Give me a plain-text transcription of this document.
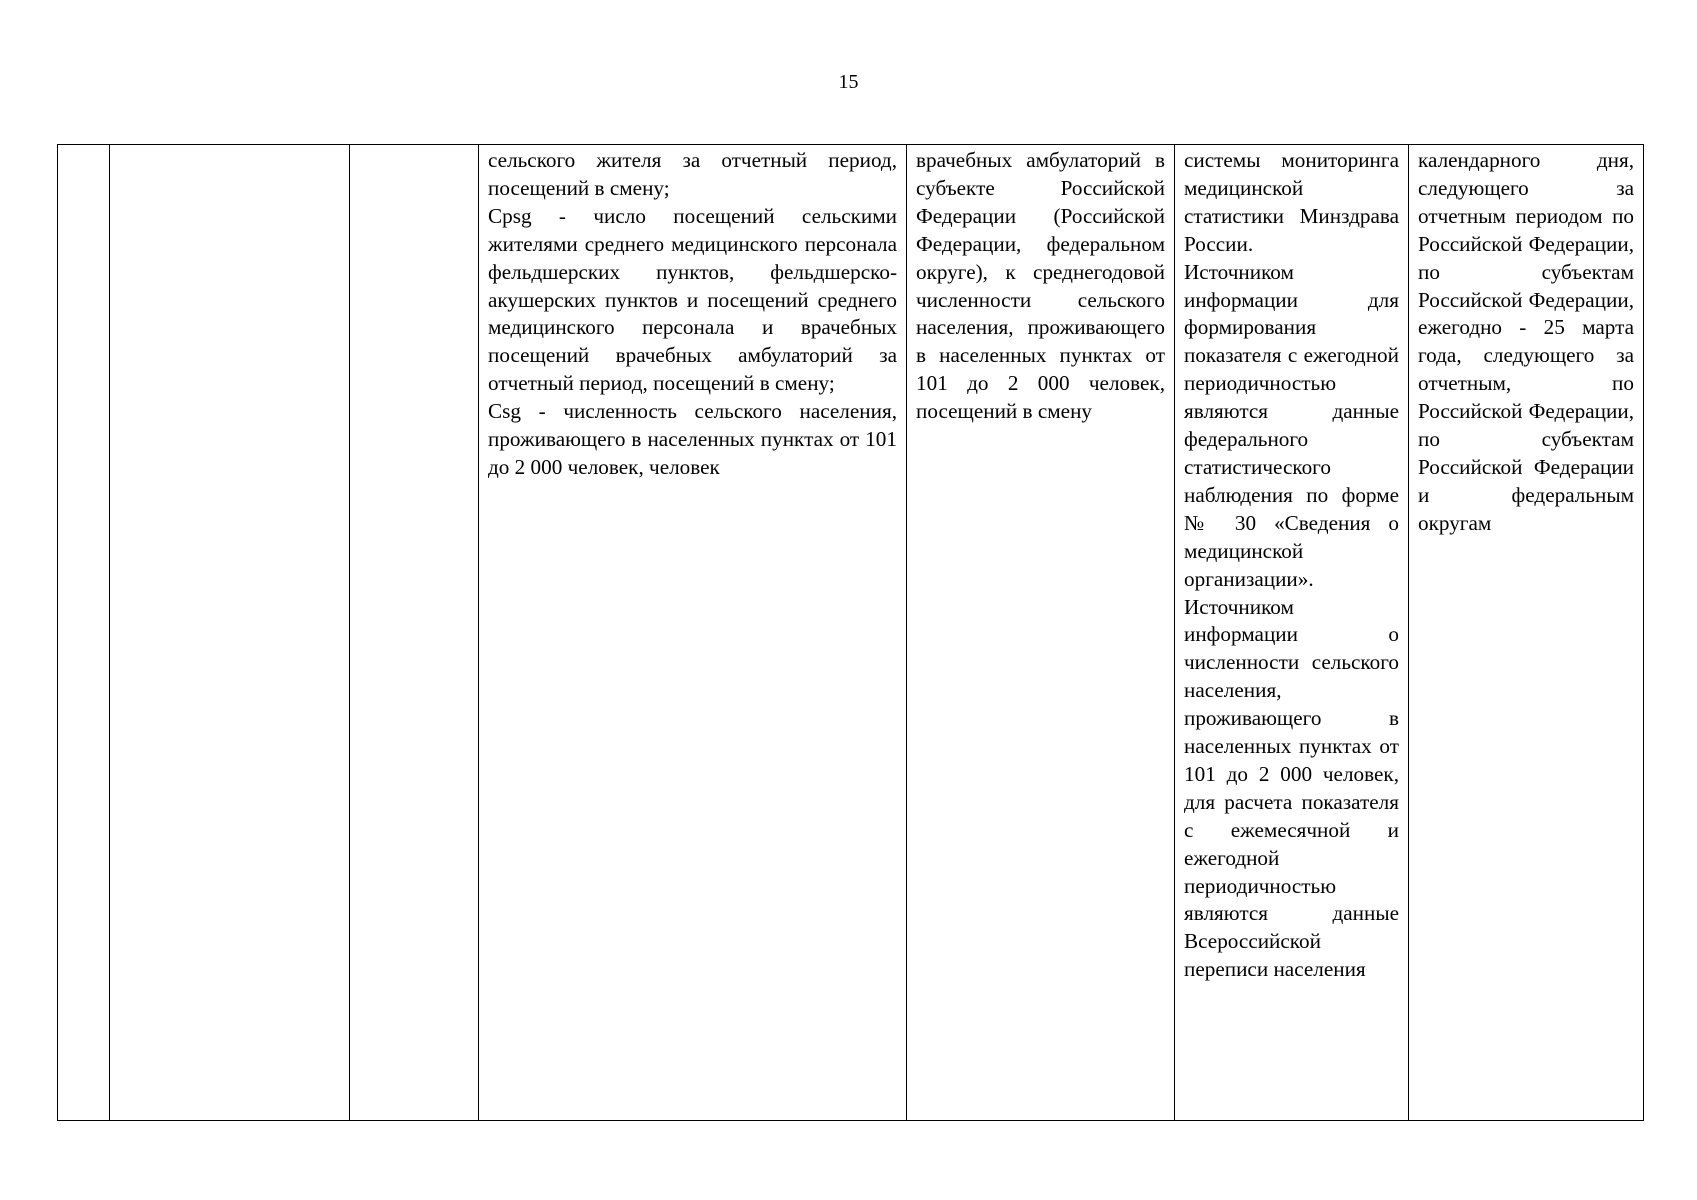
15

сельского жителя за отчетный период, посещений в смену;
Cpsg - число посещений сельскими жителями среднего медицинского персонала фельдшерских пунктов, фельдшерско-акушерских пунктов и посещений среднего медицинского персонала и врачебных посещений врачебных амбулаторий за отчетный период, посещений в смену;
Csg - численность сельского населения, проживающего в населенных пунктах от 101 до 2 000 человек, человек

врачебных амбулаторий в субъекте Российской Федерации (Российской Федерации, федеральном округе), к среднегодовой численности сельского населения, проживающего в населенных пунктах от 101 до 2 000 человек, посещений в смену

системы мониторинга медицинской статистики Минздрава России.
Источником информации для формирования показателя с ежегодной периодичностью являются данные федерального статистического наблюдения по форме № 30 «Сведения о медицинской организации».
Источником информации о численности сельского населения, проживающего в населенных пунктах от 101 до 2 000 человек, для расчета показателя с ежемесячной и ежегодной периодичностью являются данные Всероссийской переписи населения

календарного дня, следующего за отчетным периодом по Российской Федерации, по субъектам Российской Федерации, ежегодно - 25 марта года, следующего за отчетным, по Российской Федерации, по субъектам Российской Федерации и федеральным округам
